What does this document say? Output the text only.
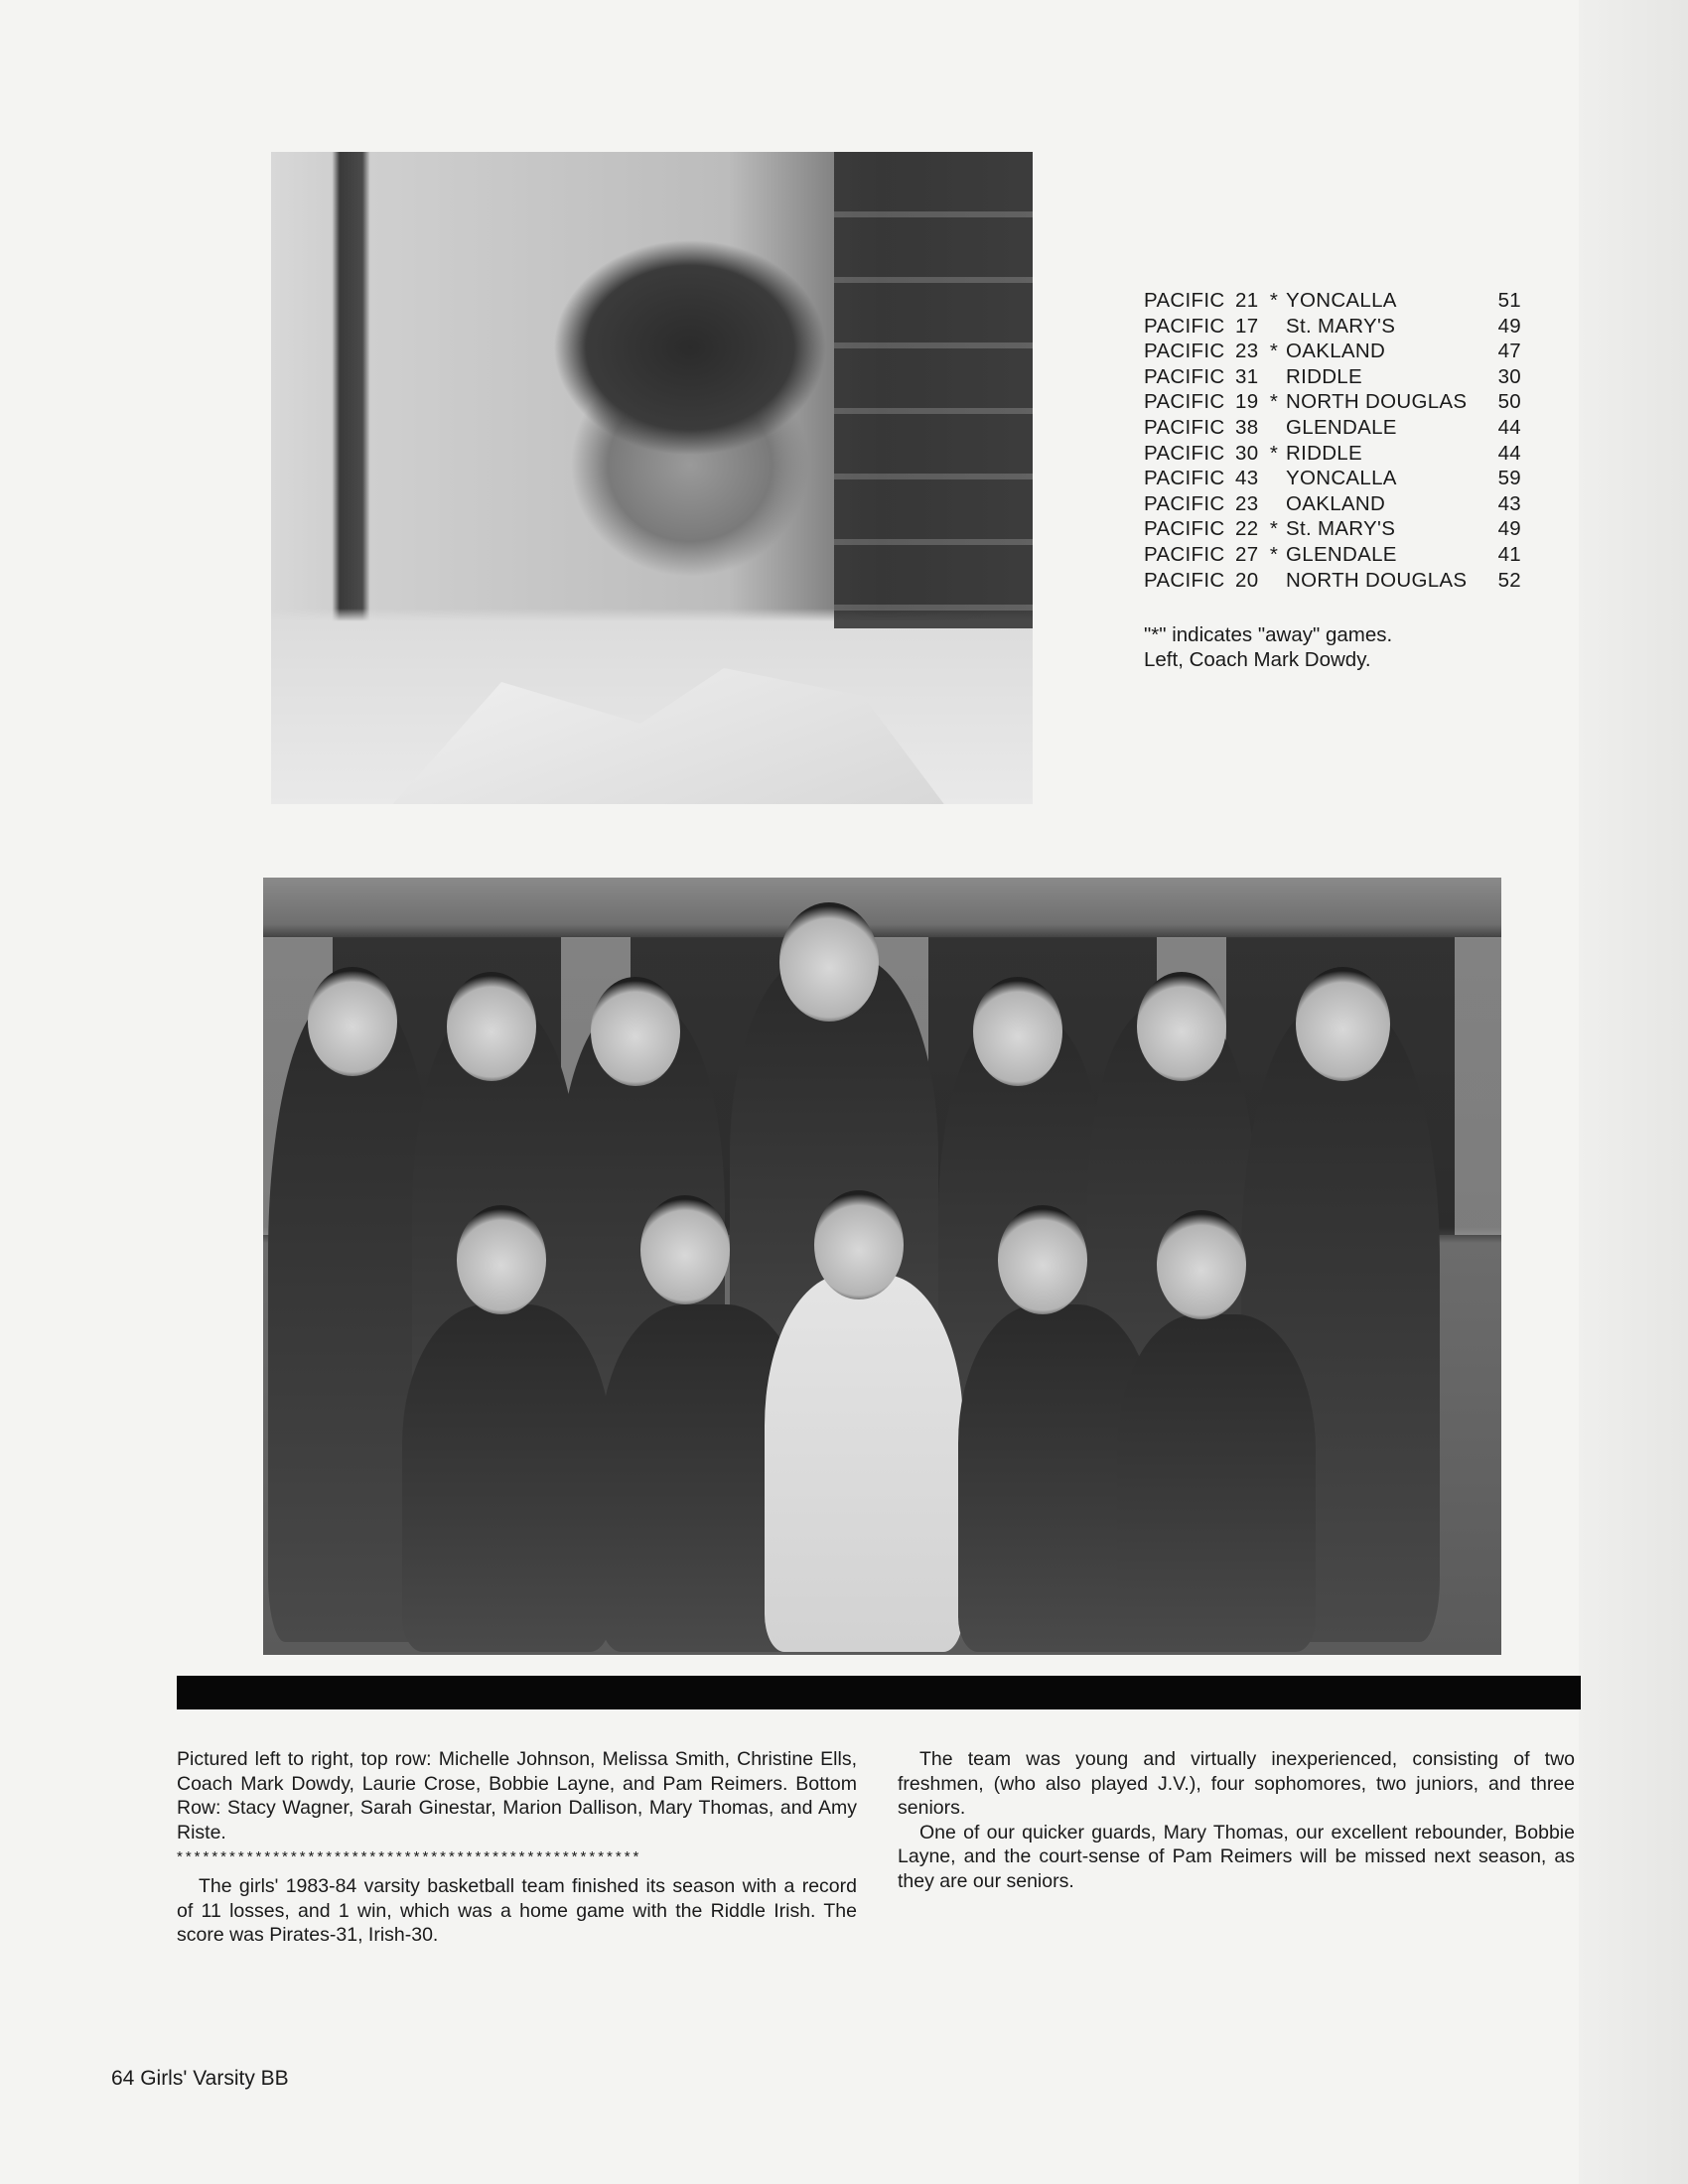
PACIFIC 21 * YONCALLA	51
PACIFIC 17 St. MARY'S	49
PACIFIC 23 * OAKLAND	47
PACIFIC 31 RIDDLE	30
PACIFIC 19 * NORTH DOUGLAS 50
PACIFIC 38 GLENDALE	44
PACIFIC 30 * RIDDLE	44
PACIFIC 43 YONCALLA	59
PACIFIC 23 OAKLAND	43
PACIFIC 22 * St. MARY'S	49
PACIFIC 27 * GLENDALE	41
PACIFIC 20 NORTH DOUGLAS 52
"*" indicates "away" games.
Left, Coach Mark Dowdy.

Pictured left to right, top row: Michelle Johnson, Melissa Smith, Christine Ells, Coach Mark Dowdy, Laurie Crose, Bobbie Layne, and Pam Reimers. Bottom Row: Stacy Wagner, Sarah Ginestar, Marion Dallison, Mary Thomas, and Amy Riste.

*****************************************************

The girls' 1983-84 varsity basketball team finished its season with a record of 11 losses, and 1 win, which was a home game with the Riddle Irish. The score was Pirates-31, Irish-30.

The team was young and virtually inexperienced, consisting of two freshmen, (who also played J.V.), four sophomores, two juniors, and three seniors.

One of our quicker guards, Mary Thomas, our excellent rebounder, Bobbie Layne, and the court-sense of Pam Reimers will be missed next season, as they are our seniors.

64 Girls' Varsity BB
